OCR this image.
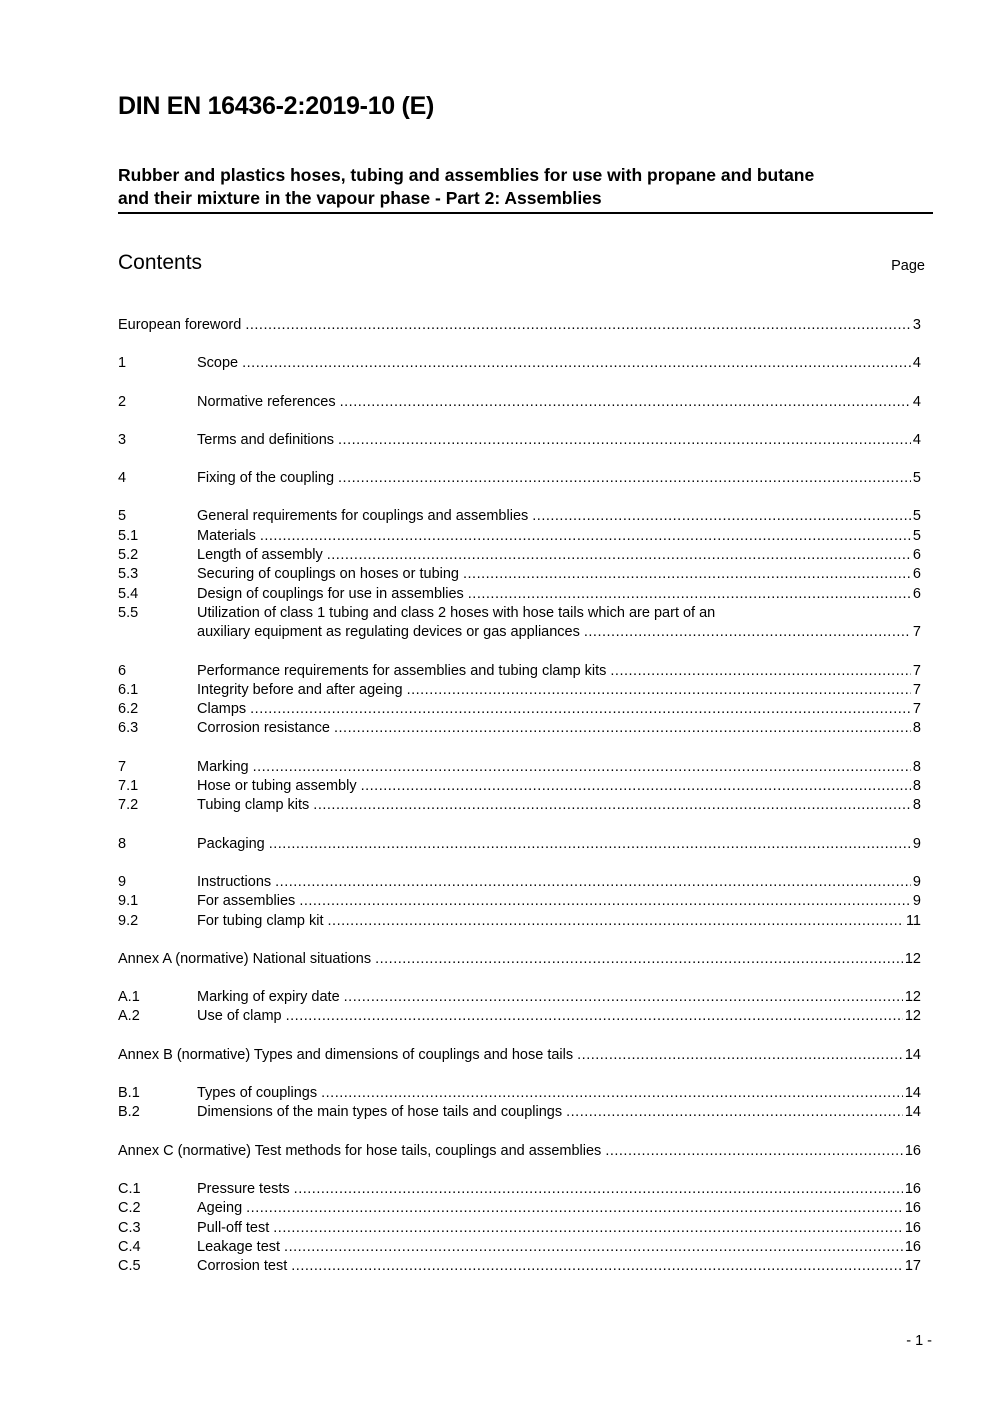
DIN EN 16436-2:2019-10 (E)
Rubber and plastics hoses, tubing and assemblies for use with propane and butane
and their mixture in the vapour phase - Part 2: Assemblies
Contents	Page
European foreword .....	3
1	Scope .....	4
2	Normative references .....	4
3	Terms and definitions .....	4
4	Fixing of the coupling .....	5
5	General requirements for couplings and assemblies .....	5
5.1	Materials .....	5
5.2	Length of assembly .....	6
5.3	Securing of couplings on hoses or tubing .....	6
5.4	Design of couplings for use in assemblies .....	6
5.5	Utilization of class 1 tubing and class 2 hoses with hose tails which are part of an
auxiliary equipment as regulating devices or gas appliances .....	7
6	Performance requirements for assemblies and tubing clamp kits .....	7
6.1	Integrity before and after ageing .....	7
6.2	Clamps .....	7
6.3	Corrosion resistance .....	8
7	Marking .....	8
7.1	Hose or tubing assembly .....	8
7.2	Tubing clamp kits .....	8
8	Packaging .....	9
9	Instructions .....	9
9.1	For assemblies .....	9
9.2	For tubing clamp kit .....	11
Annex A (normative) National situations .....	12
A.1	Marking of expiry date .....	12
A.2	Use of clamp .....	12
Annex B (normative) Types and dimensions of couplings and hose tails .....	14
B.1	Types of couplings .....	14
B.2	Dimensions of the main types of hose tails and couplings .....	14
Annex C (normative) Test methods for hose tails, couplings and assemblies .....	16
C.1	Pressure tests .....	16
C.2	Ageing .....	16
C.3	Pull-off test .....	16
C.4	Leakage test .....	16
C.5	Corrosion test .....	17
- 1 -
